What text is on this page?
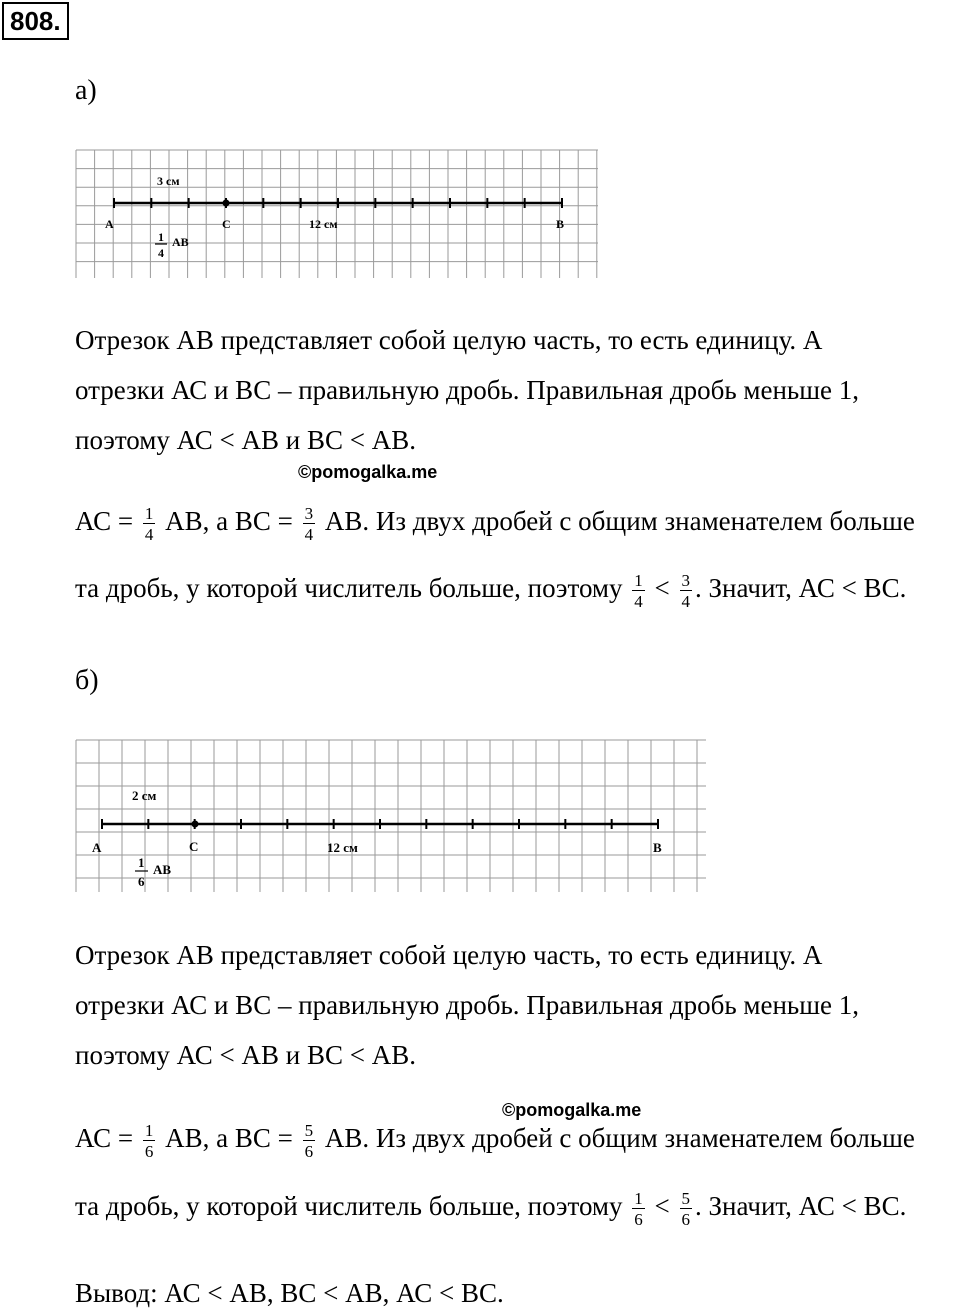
808.
а)
3 см
A	C	12 см	B
1
4
AB
2 см
A	C	12 см	B
1
6
AB
Отрезок АВ представляет собой целую часть, то есть единицу. А
отрезки АС и ВС – правильную дробь. Правильная дробь меньше 1,
поэтому АС < АВ и ВС < АВ.
©pomogalka.me
АС = $\frac{1}{4}$ АВ, а ВС = $\frac{3}{4}$ АВ. Из двух дробей с общим знаменателем больше
та дробь, у которой числитель больше, поэтому $\frac{1}{4} < \frac{3}{4}$ . Значит, АС < ВС.
б)
Отрезок АВ представляет собой целую часть, то есть единицу. А
отрезки АС и ВС – правильную дробь. Правильная дробь меньше 1,
поэтому АС < АВ и ВС < АВ.
©pomogalka.me
АС = $\frac{1}{6}$ АВ, а ВС = $\frac{5}{6}$ АВ. Из двух дробей с общим знаменателем больше
та дробь, у которой числитель больше, поэтому $\frac{1}{6} < \frac{5}{6}$ . Значит, АС < ВС.
Вывод: АС < АВ, ВС < АВ, АС < ВС.
